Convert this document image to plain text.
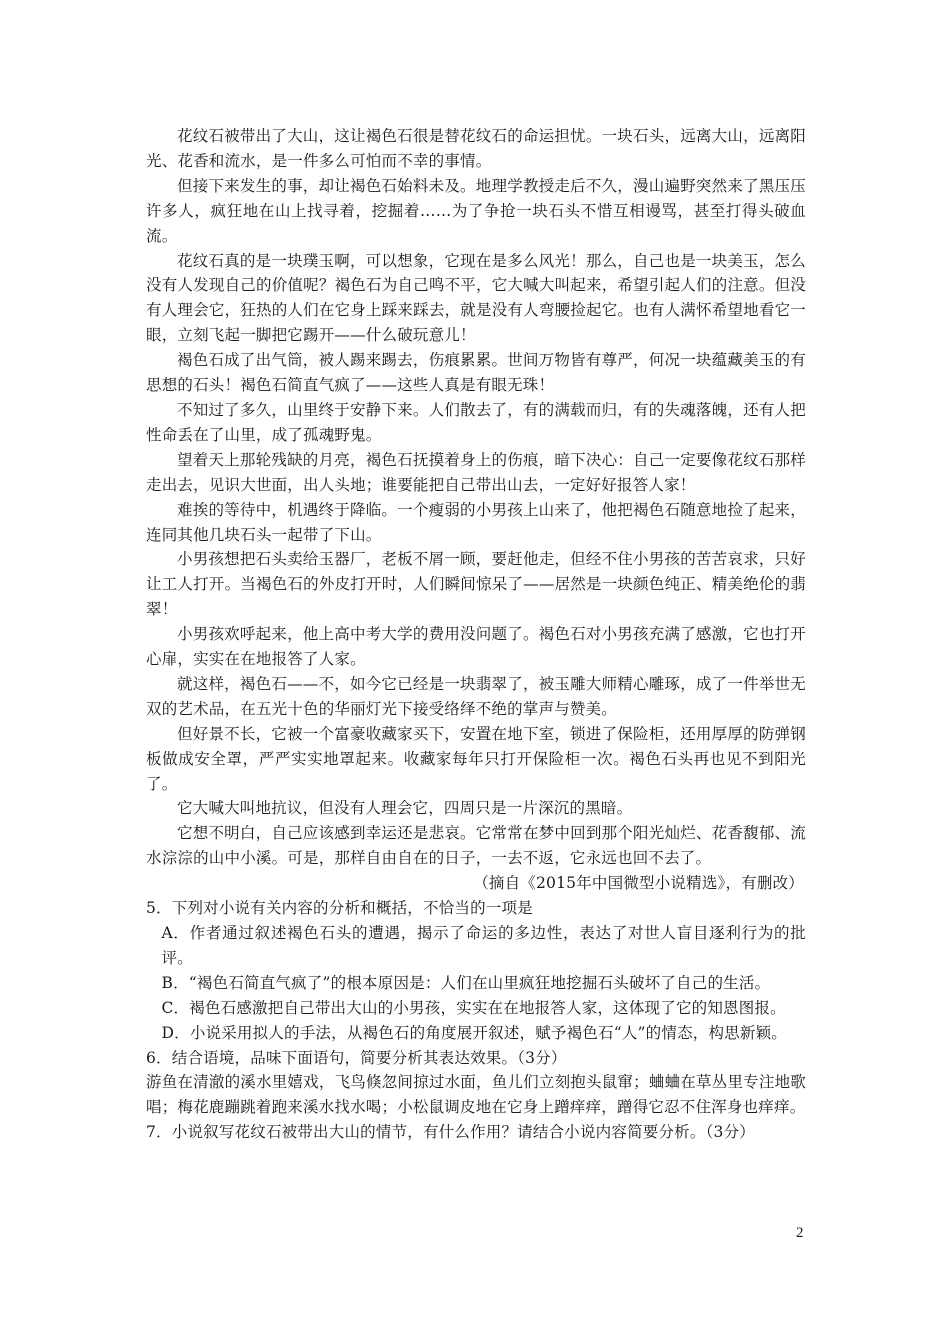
花纹石被带出了大山，这让褐色石很是替花纹石的命运担忧。一块石头，远离大山，远离阳光、花香和流水，是一件多么可怕而不幸的事情。

但接下来发生的事，却让褐色石始料未及。地理学教授走后不久，漫山遍野突然来了黑压压许多人，疯狂地在山上找寻着，挖掘着……为了争抢一块石头不惜互相谩骂，甚至打得头破血流。

花纹石真的是一块璞玉啊，可以想象，它现在是多么风光！那么，自己也是一块美玉，怎么没有人发现自己的价值呢？褐色石为自己鸣不平，它大喊大叫起来，希望引起人们的注意。但没有人理会它，狂热的人们在它身上踩来踩去，就是没有人弯腰捡起它。也有人满怀希望地看它一眼，立刻飞起一脚把它踢开——什么破玩意儿！

褐色石成了出气筒，被人踢来踢去，伤痕累累。世间万物皆有尊严，何况一块蕴藏美玉的有思想的石头！褐色石简直气疯了——这些人真是有眼无珠！

不知过了多久，山里终于安静下来。人们散去了，有的满载而归，有的失魂落魄，还有人把性命丢在了山里，成了孤魂野鬼。

望着天上那轮残缺的月亮，褐色石抚摸着身上的伤痕，暗下决心：自己一定要像花纹石那样走出去，见识大世面，出人头地；谁要能把自己带出山去，一定好好报答人家！

难挨的等待中，机遇终于降临。一个瘦弱的小男孩上山来了，他把褐色石随意地捡了起来，连同其他几块石头一起带了下山。

小男孩想把石头卖给玉器厂，老板不屑一顾，要赶他走，但经不住小男孩的苦苦哀求，只好让工人打开。当褐色石的外皮打开时，人们瞬间惊呆了——居然是一块颜色纯正、精美绝伦的翡翠！

小男孩欢呼起来，他上高中考大学的费用没问题了。褐色石对小男孩充满了感激，它也打开心扉，实实在在地报答了人家。

就这样，褐色石——不，如今它已经是一块翡翠了，被玉雕大师精心雕琢，成了一件举世无双的艺术品，在五光十色的华丽灯光下接受络绎不绝的掌声与赞美。

但好景不长，它被一个富豪收藏家买下，安置在地下室，锁进了保险柜，还用厚厚的防弹钢板做成安全罩，严严实实地罩起来。收藏家每年只打开保险柜一次。褐色石头再也见不到阳光了。

它大喊大叫地抗议，但没有人理会它，四周只是一片深沉的黑暗。

它想不明白，自己应该感到幸运还是悲哀。它常常在梦中回到那个阳光灿烂、花香馥郁、流水淙淙的山中小溪。可是，那样自由自在的日子，一去不返，它永远也回不去了。

（摘自《2015年中国微型小说精选》，有删改）

5．下列对小说有关内容的分析和概括，不恰当的一项是

A．作者通过叙述褐色石头的遭遇，揭示了命运的多边性，表达了对世人盲目逐利行为的批评。

B．“褐色石简直气疯了”的根本原因是：人们在山里疯狂地挖掘石头破坏了自己的生活。

C．褐色石感激把自己带出大山的小男孩，实实在在地报答人家，这体现了它的知恩图报。

D．小说采用拟人的手法，从褐色石的角度展开叙述，赋予褐色石“人”的情态，构思新颖。

6．结合语境，品味下面语句，简要分析其表达效果。（3分）

游鱼在清澈的溪水里嬉戏，飞鸟倏忽间掠过水面，鱼儿们立刻抱头鼠窜；蛐蛐在草丛里专注地歌唱；梅花鹿蹦跳着跑来溪水找水喝；小松鼠调皮地在它身上蹭痒痒，蹭得它忍不住浑身也痒痒。

7．小说叙写花纹石被带出大山的情节，有什么作用？请结合小说内容简要分析。（3分）

2
